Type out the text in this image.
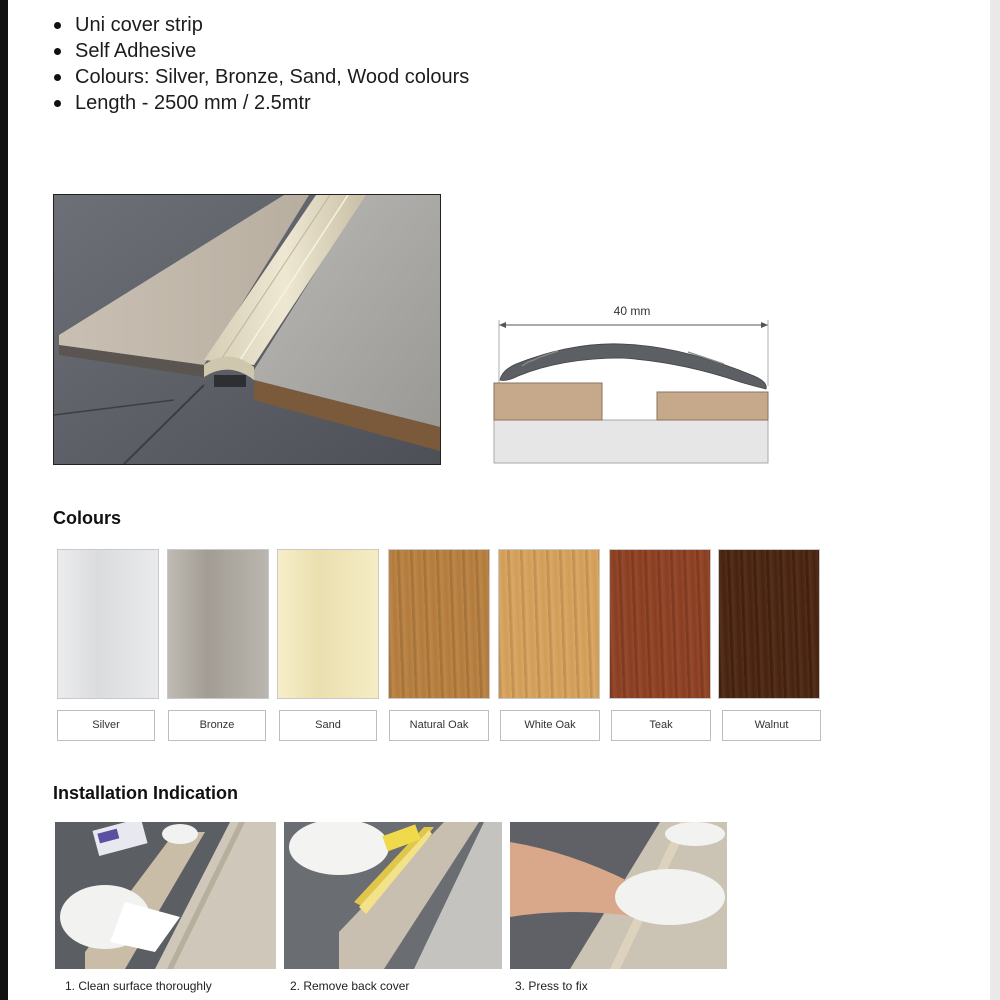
Uni cover strip
Self Adhesive
Colours: Silver, Bronze, Sand, Wood colours
Length - 2500 mm / 2.5mtr
40 mm
Colours
Silver	Bronze	Sand	Natural Oak	White Oak	Teak	Walnut
Installation Indication
1. Clean surface thoroughly	2. Remove back cover	3. Press to fix
